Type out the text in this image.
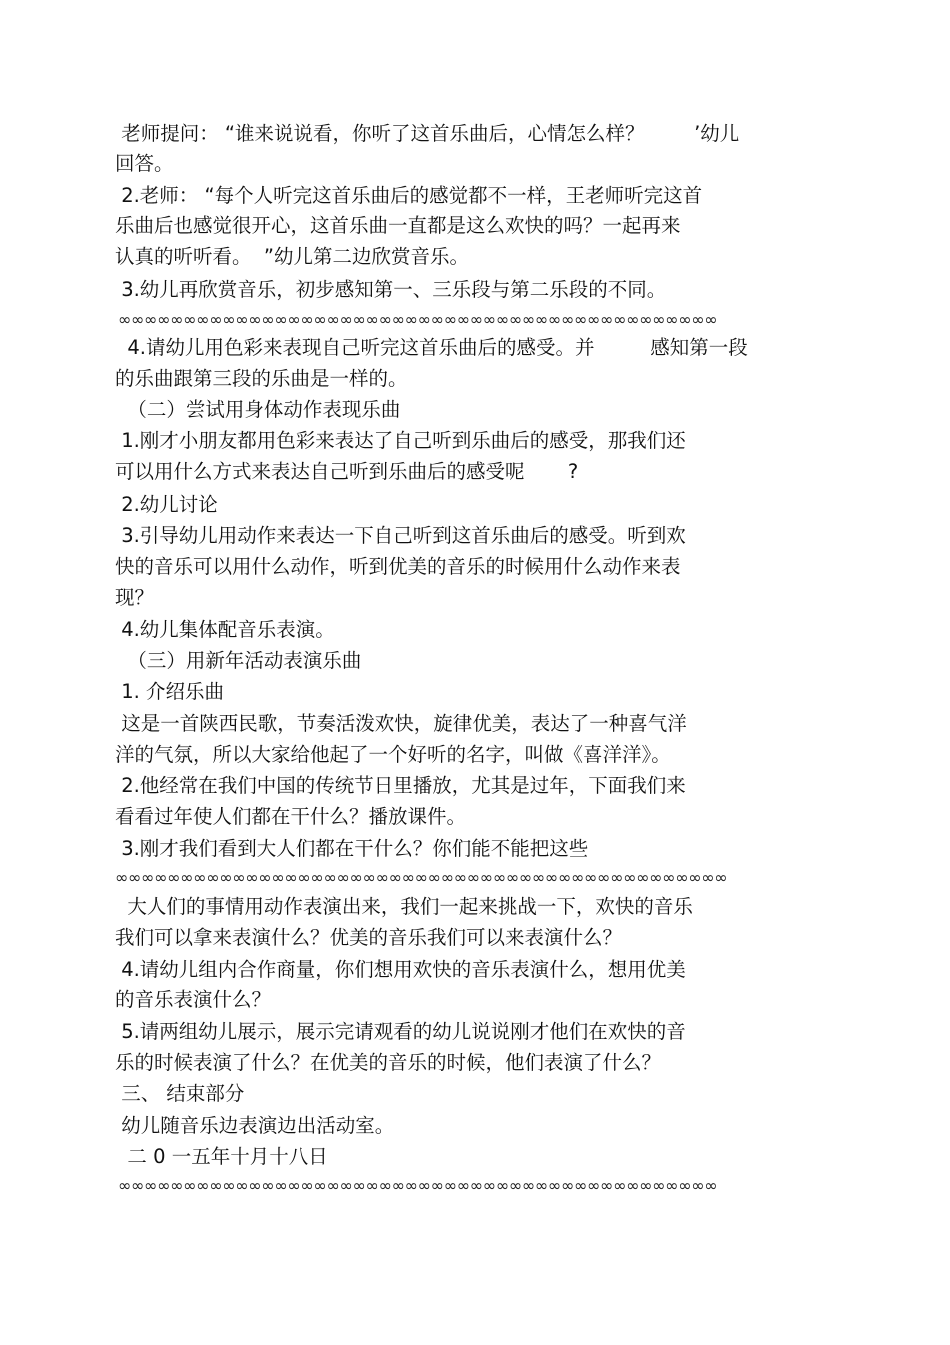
老师提问： “谁来说说看，你听了这首乐曲后，心情怎么样？        ’幼儿

回答。

2.老师： “每个人听完这首乐曲后的感觉都不一样，王老师听完这首

乐曲后也感觉很开心，这首乐曲一直都是这么欢快的吗？一起再来

认真的听听看。  ”幼儿第二边欣赏音乐。

3.幼儿再欣赏音乐，初步感知第一、三乐段与第二乐段的不同。

∞∞∞∞∞∞∞∞∞∞∞∞∞∞∞∞∞∞∞∞∞∞∞∞∞∞∞∞∞∞∞∞∞∞∞∞∞∞∞∞∞∞∞∞∞∞

4.请幼儿用色彩来表现自己听完这首乐曲后的感受。并         感知第一段

的乐曲跟第三段的乐曲是一样的。

（二）尝试用身体动作表现乐曲

1.刚才小朋友都用色彩来表达了自己听到乐曲后的感受，那我们还

可以用什么方式来表达自己听到乐曲后的感受呢       ?

2.幼儿讨论

3.引导幼儿用动作来表达一下自己听到这首乐曲后的感受。听到欢

快的音乐可以用什么动作，听到优美的音乐的时候用什么动作来表

现？

4.幼儿集体配音乐表演。

（三）用新年活动表演乐曲

1. 介绍乐曲

这是一首陕西民歌，节奏活泼欢快，旋律优美，表达了一种喜气洋

洋的气氛，所以大家给他起了一个好听的名字，叫做《喜洋洋》。

2.他经常在我们中国的传统节日里播放，尤其是过年，下面我们来

看看过年使人们都在干什么？播放课件。

3.刚才我们看到大人们都在干什么？你们能不能把这些

∞∞∞∞∞∞∞∞∞∞∞∞∞∞∞∞∞∞∞∞∞∞∞∞∞∞∞∞∞∞∞∞∞∞∞∞∞∞∞∞∞∞∞∞∞∞∞

大人们的事情用动作表演出来，我们一起来挑战一下，欢快的音乐

我们可以拿来表演什么？优美的音乐我们可以来表演什么？

4.请幼儿组内合作商量，你们想用欢快的音乐表演什么，想用优美

的音乐表演什么？

5.请两组幼儿展示，展示完请观看的幼儿说说刚才他们在欢快的音

乐的时候表演了什么？在优美的音乐的时候，他们表演了什么？

三、 结束部分

幼儿随音乐边表演边出活动室。

二 0 一五年十月十八日

∞∞∞∞∞∞∞∞∞∞∞∞∞∞∞∞∞∞∞∞∞∞∞∞∞∞∞∞∞∞∞∞∞∞∞∞∞∞∞∞∞∞∞∞∞∞
